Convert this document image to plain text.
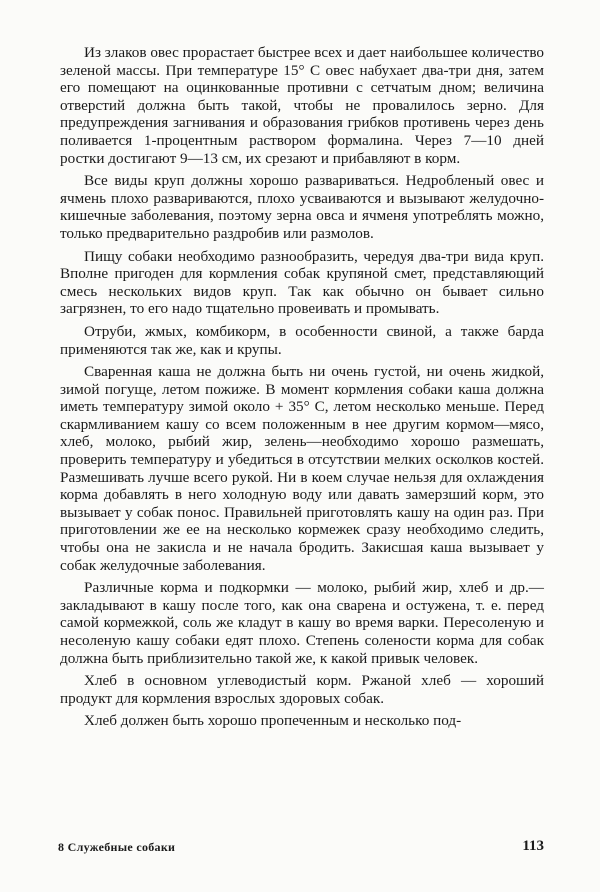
Из злаков овес прорастает быстрее всех и дает наибольшее количество зеленой массы. При температуре 15° С овес набухает два-три дня, затем его помещают на оцинкованные противни с сетчатым дном; величина отверстий должна быть такой, чтобы не провалилось зерно. Для предупреждения загнивания и образования грибков противень через день поливается 1-процентным раствором формалина. Через 7—10 дней ростки достигают 9—13 см, их срезают и прибавляют в корм.

Все виды круп должны хорошо развариваться. Недробленый овес и ячмень плохо развариваются, плохо усваиваются и вызывают желудочно-кишечные заболевания, поэтому зерна овса и ячменя употреблять можно, только предварительно раздробив или размолов.

Пищу собаки необходимо разнообразить, чередуя два-три вида круп. Вполне пригоден для кормления собак крупяной смет, представляющий смесь нескольких видов круп. Так как обычно он бывает сильно загрязнен, то его надо тщательно провеивать и промывать.

Отруби, жмых, комбикорм, в особенности свиной, а также барда применяются так же, как и крупы.

Сваренная каша не должна быть ни очень густой, ни очень жидкой, зимой погуще, летом пожиже. В момент кормления собаки каша должна иметь температуру зимой около + 35° С, летом несколько меньше. Перед скармливанием кашу со всем положенным в нее другим кормом—мясо, хлеб, молоко, рыбий жир, зелень—необходимо хорошо размешать, проверить температуру и убедиться в отсутствии мелких осколков костей. Размешивать лучше всего рукой. Ни в коем случае нельзя для охлаждения корма добавлять в него холодную воду или давать замерзший корм, это вызывает у собак понос. Правильней приготовлять кашу на один раз. При приготовлении же ее на несколько кормежек сразу необходимо следить, чтобы она не закисла и не начала бродить. Закисшая каша вызывает у собак желудочные заболевания.

Различные корма и подкормки — молоко, рыбий жир, хлеб и др.—закладывают в кашу после того, как она сварена и остужена, т. е. перед самой кормежкой, соль же кладут в кашу во время варки. Пересоленую и несоленую кашу собаки едят плохо. Степень солености корма для собак должна быть приблизительно такой же, к какой привык человек.

Хлеб в основном углеводистый корм. Ржаной хлеб — хороший продукт для кормления взрослых здоровых собак.

Хлеб должен быть хорошо пропеченным и несколько под-

8 Служебные собаки	113
